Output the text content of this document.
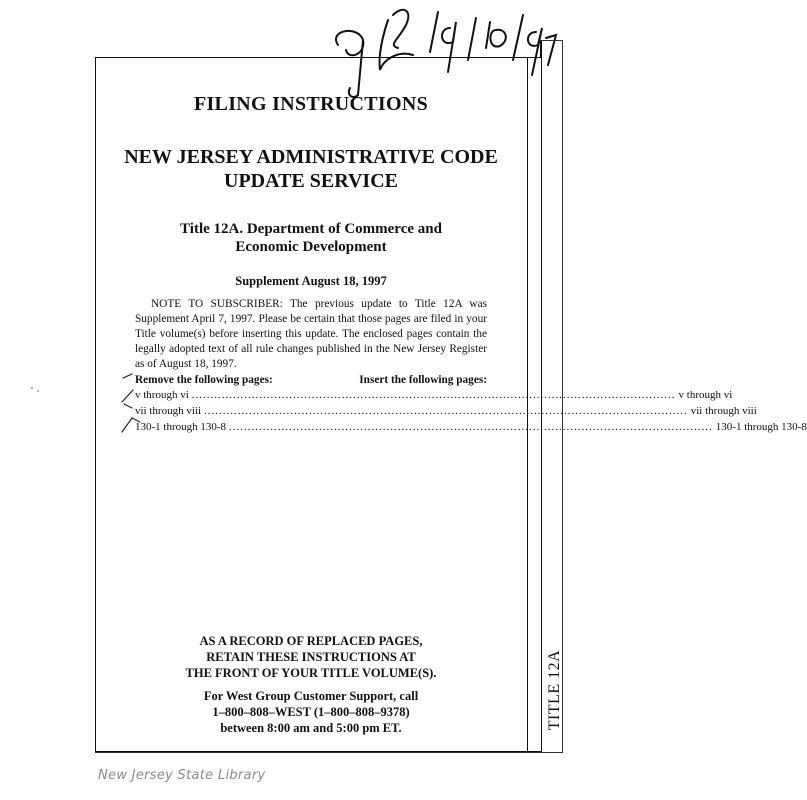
TITLE 12A
FILING INSTRUCTIONS
NEW JERSEY ADMINISTRATIVE CODE
UPDATE SERVICE
Title 12A. Department of Commerce and
Economic Development
Supplement August 18, 1997
NOTE TO SUBSCRIBER: The previous update to Title 12A was Supplement April 7, 1997. Please be certain that those pages are filed in your Title volume(s) before inserting this update. The enclosed pages contain the legally adopted text of all rule changes published in the New Jersey Register as of August 18, 1997.
Remove the following pages:	Insert the following pages:
v through vi ................................................................................................................................. v through vi
vii through viii ................................................................................................................................. vii through viii
130-1 through 130-8 ................................................................................................................................. 130-1 through 130-8
AS A RECORD OF REPLACED PAGES,
RETAIN THESE INSTRUCTIONS AT
THE FRONT OF YOUR TITLE VOLUME(S).
For West Group Customer Support, call
1–800–808–WEST (1–800–808–9378)
between 8:00 am and 5:00 pm ET.
New Jersey State Library
